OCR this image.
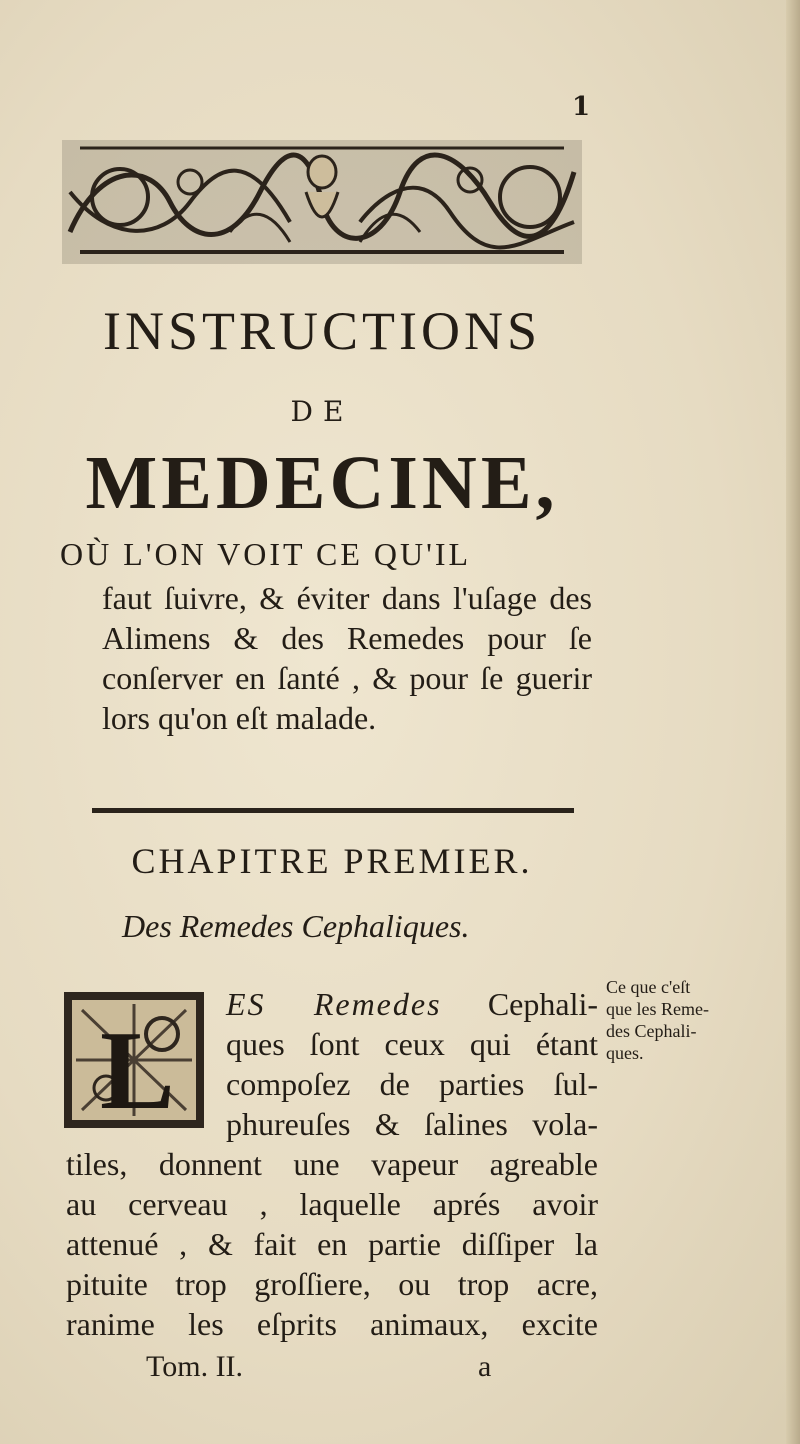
1
INSTRUCTIONS
DE
MEDECINE,
OÙ L'ON VOIT CE QU'IL
faut ſuivre, & éviter dans l'uſage des Alimens & des Remedes pour ſe conſerver en ſanté , & pour ſe guerir lors qu'on eſt malade.
CHAPITRE PREMIER.
Des Remedes Cephaliques.
L
ES Remedes Cephali-
ques ſont ceux qui étant
compoſez de parties ſul-
phureuſes & ſalines vola-
tiles, donnent une vapeur agreable
au cerveau , laquelle aprés avoir
attenué , & fait en partie diſſiper la
pituite trop groſſiere, ou trop acre,
ranime les eſprits animaux, excite
Ce que c'eſt
que les Reme-
des Cephali-
ques.
Tom. II.	a
